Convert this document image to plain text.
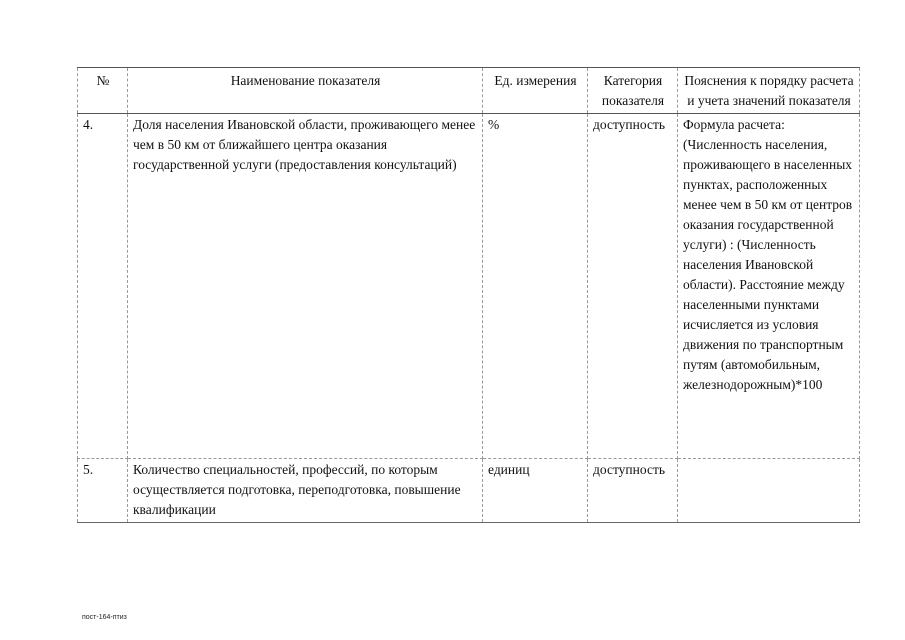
№	Наименование показателя	Ед. измерения	Категория показателя	Пояснения к порядку расчета и учета значений показателя
4.	Доля населения Ивановской области, проживающего менее чем в 50 км от ближайшего центра оказания государственной услуги (предоставления консультаций)	%	доступность	Формула расчета: (Численность населения, проживающего в населенных пунктах, расположенных менее чем в 50 км от центров оказания государственной услуги) : (Численность населения Ивановской области). Расстояние между населенными пунктами исчисляется из условия движения по транспортным путям (автомобильным, железнодорожным)*100
5.	Количество специальностей, профессий, по которым осуществляется подготовка, переподготовка, повышение квалификации	единиц	доступность	
пост-164-птиз
